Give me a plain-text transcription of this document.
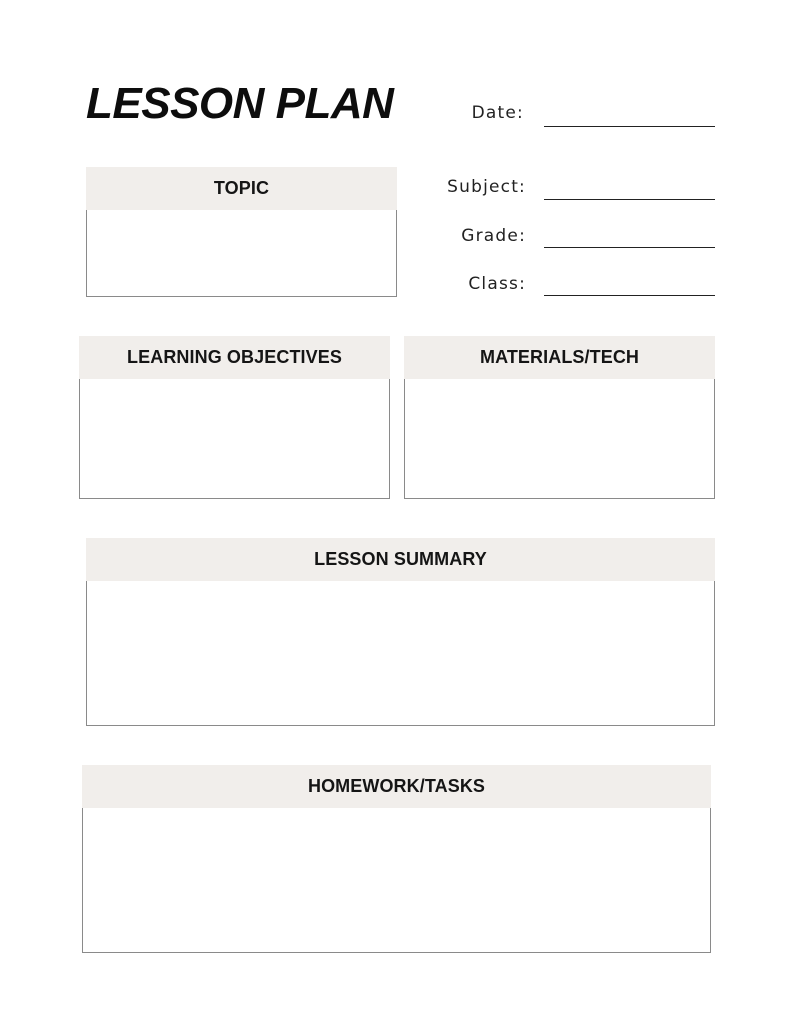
LESSON PLAN	Date:
Subject:
Grade:
Class:
TOPIC
LEARNING OBJECTIVES	MATERIALS/TECH
LESSON SUMMARY
HOMEWORK/TASKS
